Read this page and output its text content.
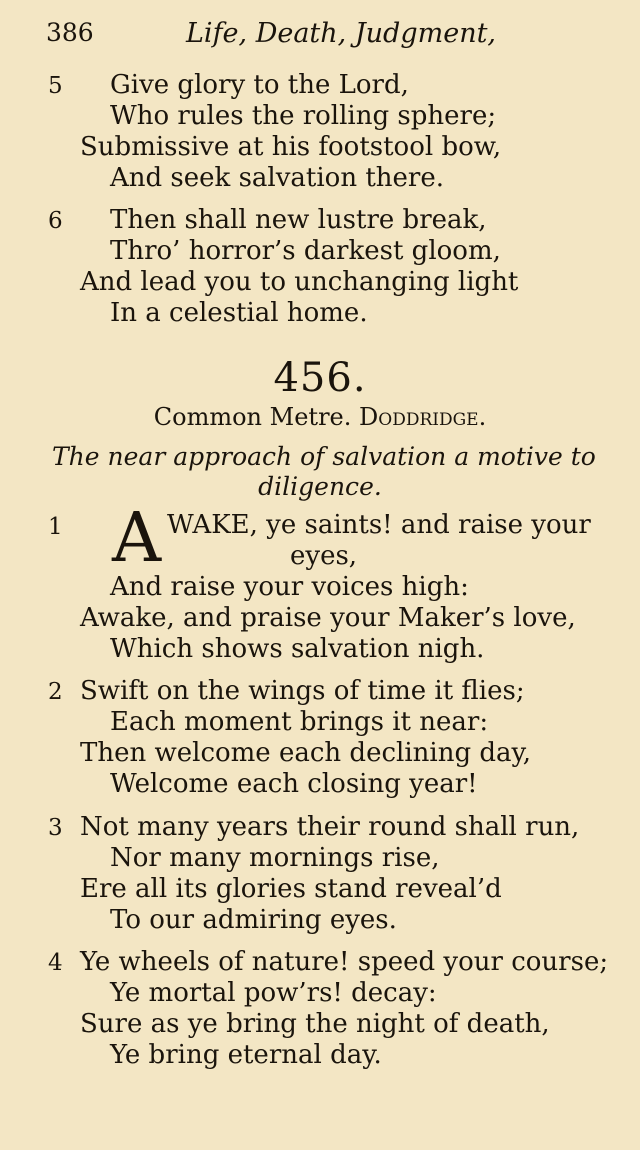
386	Life, Death, Judgment,
5 Give glory to the Lord,
Who rules the rolling sphere;
Submissive at his footstool bow,
And seek salvation there.
6 Then shall new lustre break,
Thro’ horror’s darkest gloom,
And lead you to unchanging light
In a celestial home.
456.
Common Metre. Doddridge.
The near approach of salvation a motive to
diligence.
1 A WAKE, ye saints! and raise your
eyes,
And raise your voices high:
Awake, and praise your Maker’s love,
Which shows salvation nigh.
2 Swift on the wings of time it flies;
Each moment brings it near:
Then welcome each declining day,
Welcome each closing year!
3 Not many years their round shall run,
Nor many mornings rise,
Ere all its glories stand reveal’d
To our admiring eyes.
4 Ye wheels of nature! speed your course;
Ye mortal pow’rs! decay:
Sure as ye bring the night of death,
Ye bring eternal day.
